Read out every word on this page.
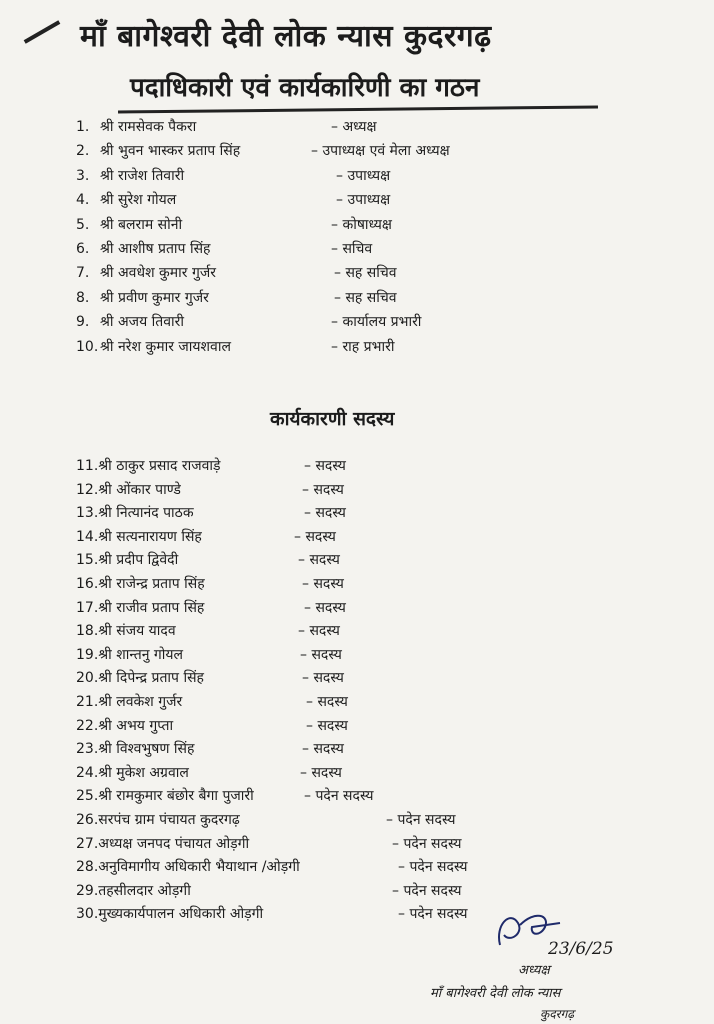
माँ बागेश्वरी देवी लोक न्यास कुदरगढ़
पदाधिकारी एवं कार्यकारिणी का गठन
1. श्री रामसेवक पैकरा	– अध्यक्ष
2. श्री भुवन भास्कर प्रताप सिंह	– उपाध्यक्ष एवं मेला अध्यक्ष
3. श्री राजेश तिवारी	– उपाध्यक्ष
4. श्री सुरेश गोयल	– उपाध्यक्ष
5. श्री बलराम सोनी	– कोषाध्यक्ष
6. श्री आशीष प्रताप सिंह	– सचिव
7. श्री अवधेश कुमार गुर्जर	– सह सचिव
8. श्री प्रवीण कुमार गुर्जर	– सह सचिव
9. श्री अजय तिवारी	– कार्यालय प्रभारी
10. श्री नरेश कुमार जायशवाल	– राह प्रभारी
कार्यकारणी सदस्य
11.श्री ठाकुर प्रसाद राजवाड़े	– सदस्य
12.श्री ओंकार पाण्डे	– सदस्य
13.श्री नित्यानंद पाठक	– सदस्य
14.श्री सत्यनारायण सिंह	– सदस्य
15.श्री प्रदीप द्विवेदी	– सदस्य
16.श्री राजेन्द्र प्रताप सिंह	– सदस्य
17.श्री राजीव प्रताप सिंह	– सदस्य
18.श्री संजय यादव	– सदस्य
19.श्री शान्तनु गोयल	– सदस्य
20.श्री दिपेन्द्र प्रताप सिंह	– सदस्य
21.श्री लवकेश गुर्जर	– सदस्य
22.श्री अभय गुप्ता	– सदस्य
23.श्री विश्वभुषण सिंह	– सदस्य
24.श्री मुकेश अग्रवाल	– सदस्य
25.श्री रामकुमार बंछोर बैगा पुजारी	– पदेन सदस्य
26.सरपंच ग्राम पंचायत कुदरगढ़	– पदेन सदस्य
27.अध्यक्ष जनपद पंचायत ओड़गी	– पदेन सदस्य
28.अनुविमागीय अधिकारी भैयाथान /ओड़गी	– पदेन सदस्य
29.तहसीलदार ओड़गी	– पदेन सदस्य
30.मुख्यकार्यपालन अधिकारी ओड़गी	– पदेन सदस्य
23/6/25
अध्यक्ष
माँ बागेश्वरी देवी लोक न्यास
कुदरगढ़
